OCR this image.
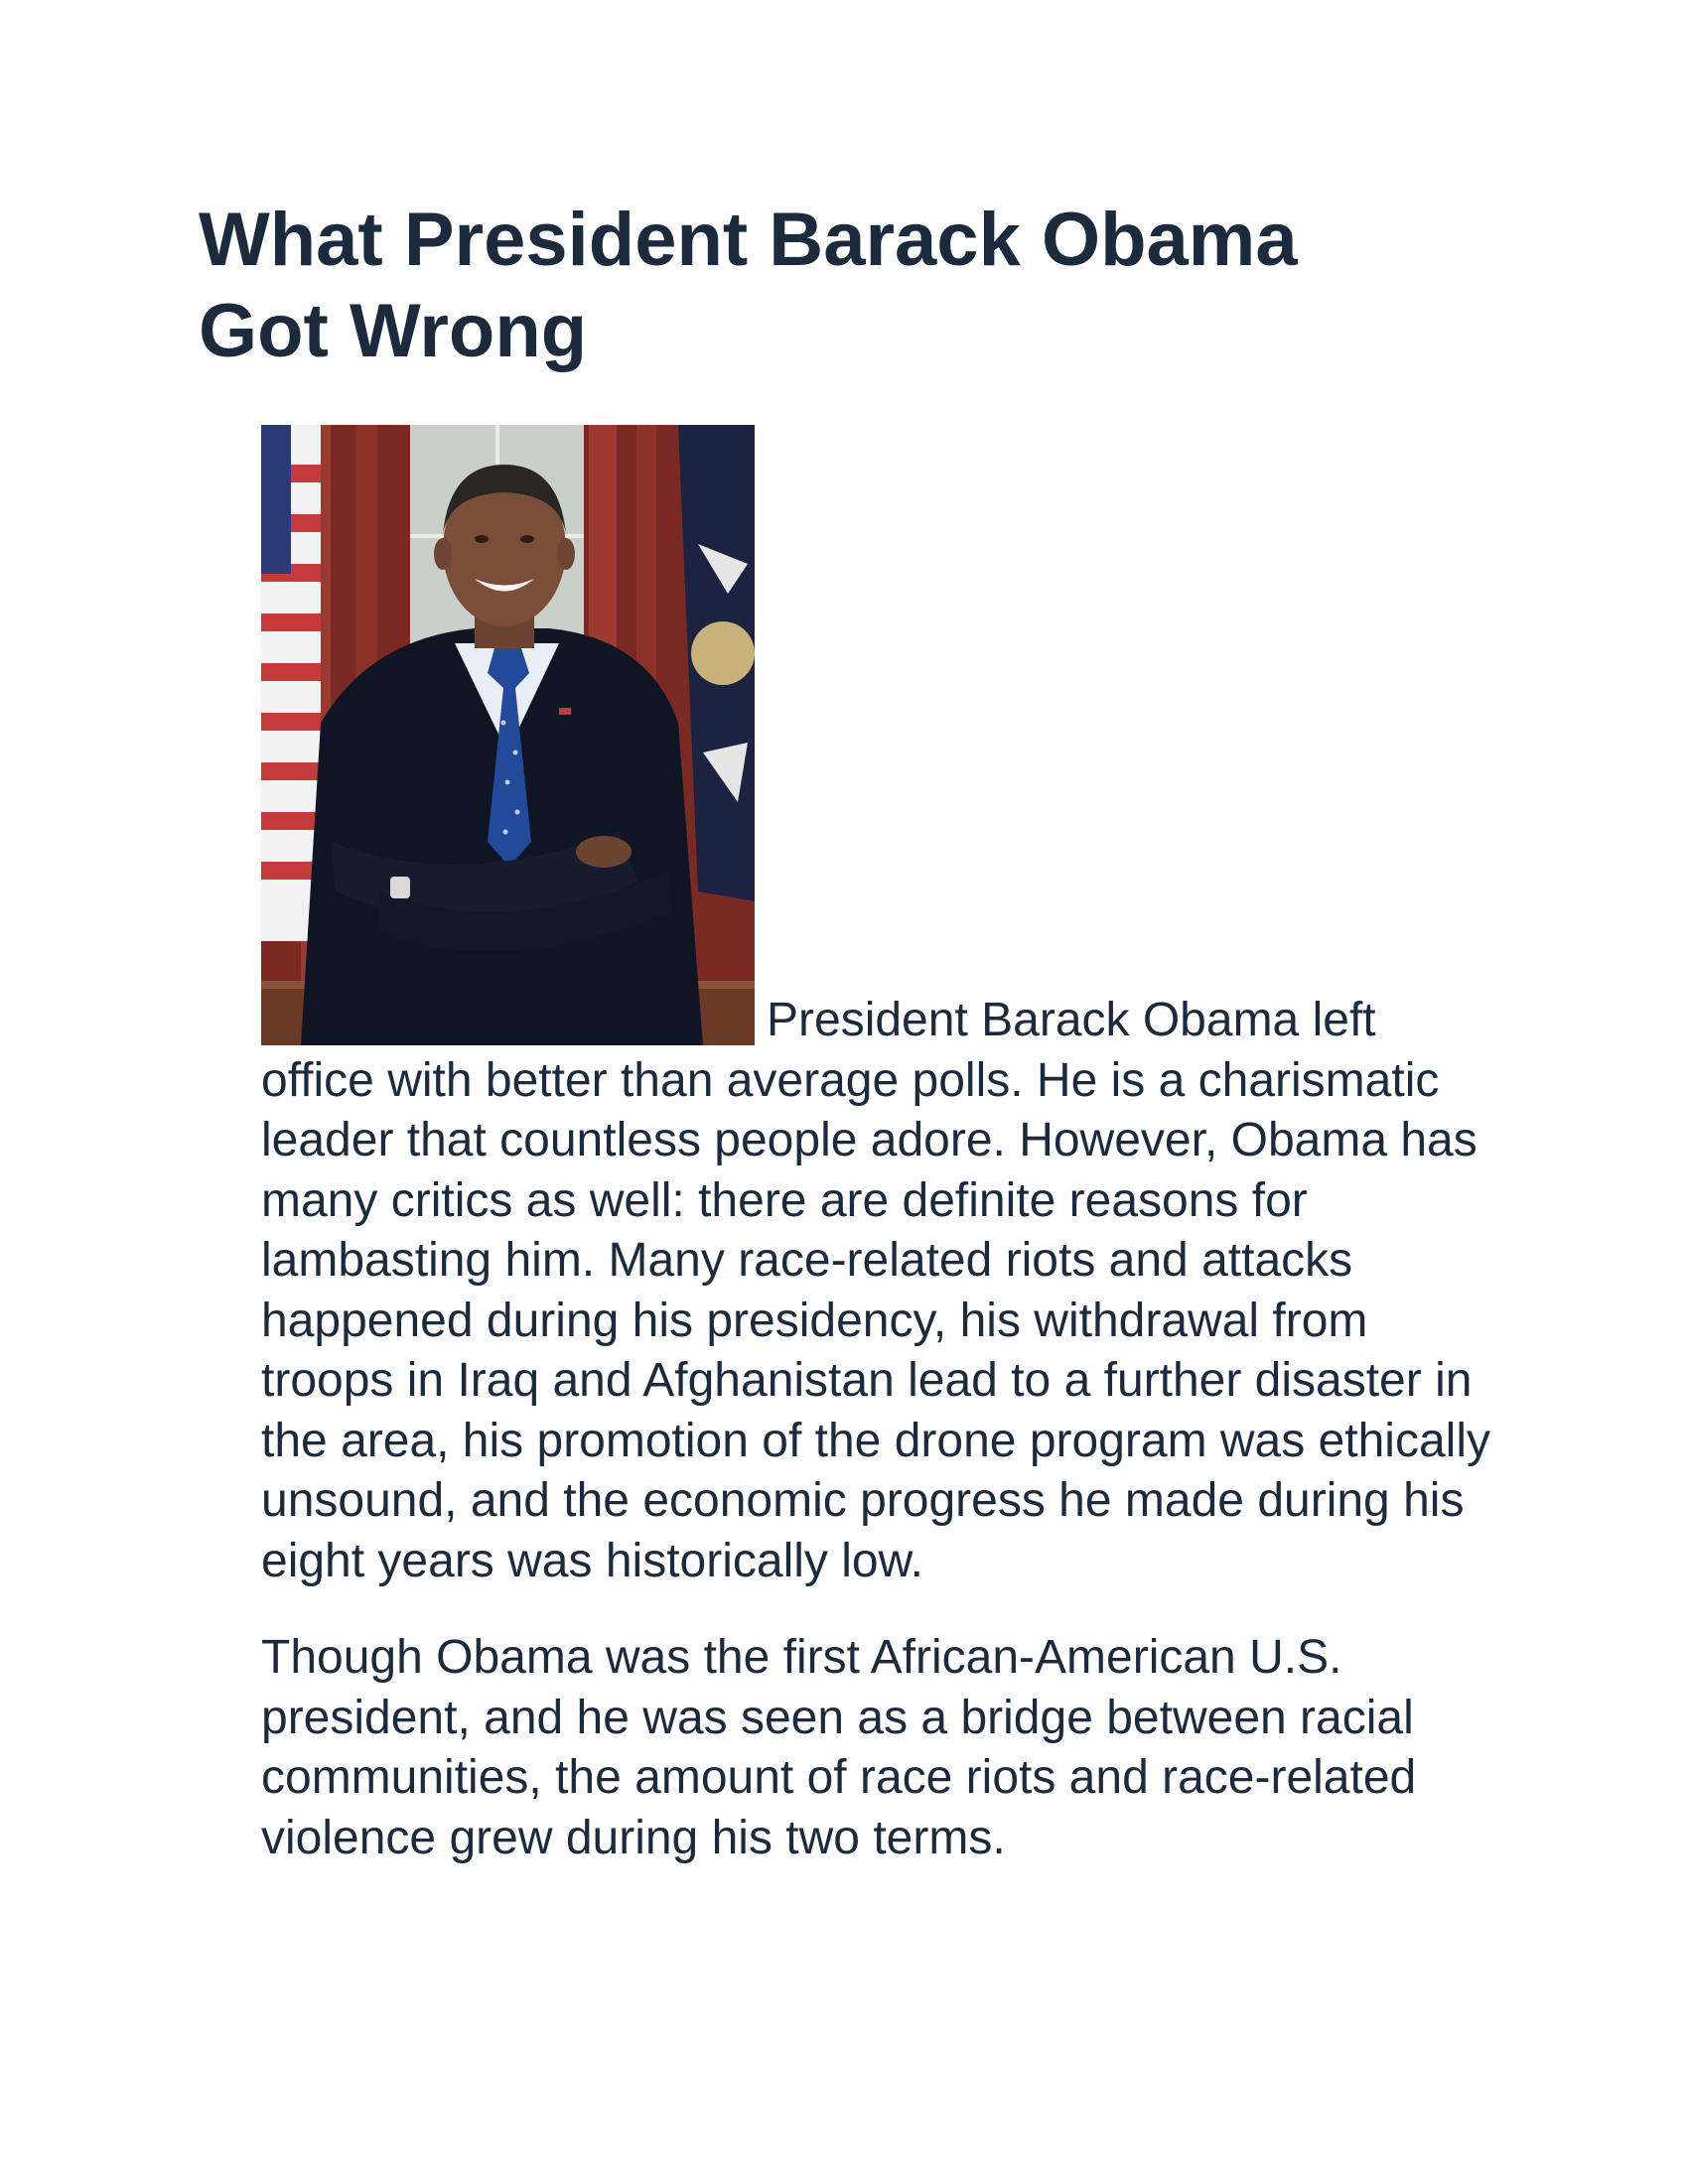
What President Barack Obama Got Wrong

President Barack Obama left office with better than average polls. He is a charismatic leader that countless people adore. However, Obama has many critics as well: there are definite reasons for lambasting him. Many race-related riots and attacks happened during his presidency, his withdrawal from troops in Iraq and Afghanistan lead to a further disaster in the area, his promotion of the drone program was ethically unsound, and the economic progress he made during his eight years was historically low.

Though Obama was the first African-American U.S. president, and he was seen as a bridge between racial communities, the amount of race riots and race-related violence grew during his two terms.
